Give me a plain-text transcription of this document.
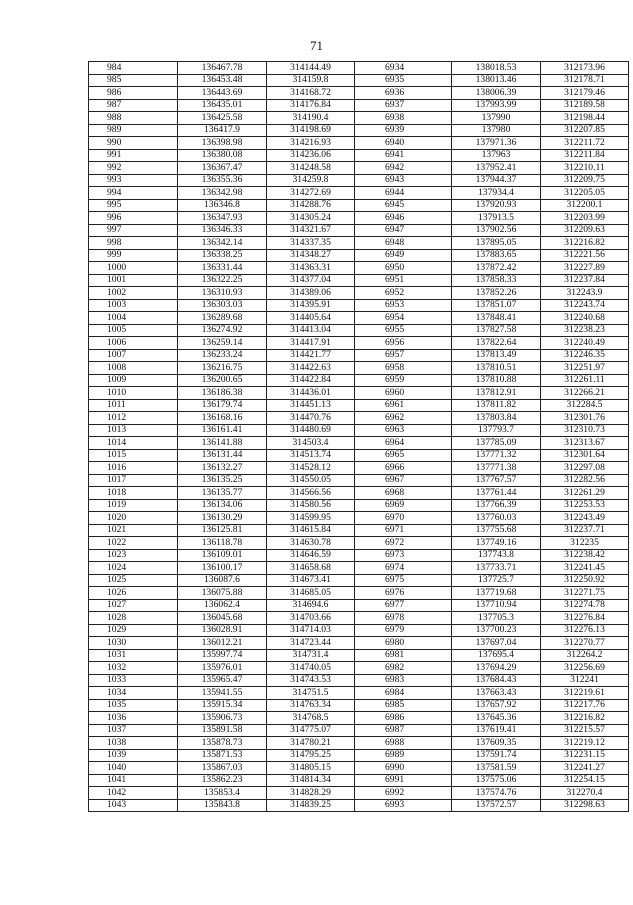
71
984	136467.78	314144.49	6934	138018.53	312173.96
985	136453.48	314159.8	6935	138013.46	312178.71
986	136443.69	314168.72	6936	138006.39	312179.46
987	136435.01	314176.84	6937	137993.99	312189.58
988	136425.58	314190.4	6938	137990	312198.44
989	136417.9	314198.69	6939	137980	312207.85
990	136398.98	314216.93	6940	137971.36	312211.72
991	136380.08	314236.06	6941	137963	312211.84
992	136367.47	314248.58	6942	137952.41	312210.11
993	136355.36	314259.8	6943	137944.37	312209.75
994	136342.98	314272.69	6944	137934.4	312205.05
995	136346.8	314288.76	6945	137920.93	312200.1
996	136347.93	314305.24	6946	137913.5	312203.99
997	136346.33	314321.67	6947	137902.56	312209.63
998	136342.14	314337.35	6948	137895.05	312216.82
999	136338.25	314348.27	6949	137883.65	312221.56
1000	136331.44	314363.31	6950	137872.42	312227.89
1001	136322.25	314377.04	6951	137858.33	312237.84
1002	136310.93	314389.06	6952	137852.26	312243.9
1003	136303.03	314395.91	6953	137851.07	312243.74
1004	136289.68	314405.64	6954	137848.41	312240.68
1005	136274.92	314413.04	6955	137827.58	312238.23
1006	136259.14	314417.91	6956	137822.64	312240.49
1007	136233.24	314421.77	6957	137813.49	312246.35
1008	136216.75	314422.63	6958	137810.51	312251.97
1009	136200.65	314422.84	6959	137810.88	312261.11
1010	136186.38	314436.01	6960	137812.91	312266.21
1011	136179.74	314451.13	6961	137811.82	312284.5
1012	136168.16	314470.76	6962	137803.84	312301.76
1013	136161.41	314480.69	6963	137793.7	312310.73
1014	136141.88	314503.4	6964	137785.09	312313.67
1015	136131.44	314513.74	6965	137771.32	312301.64
1016	136132.27	314528.12	6966	137771.38	312297.08
1017	136135.25	314550.05	6967	137767.57	312282.56
1018	136135.77	314566.56	6968	137761.44	312261.29
1019	136134.06	314580.56	6969	137766.39	312253.53
1020	136130.29	314599.95	6970	137760.03	312243.49
1021	136125.81	314615.84	6971	137755.68	312237.71
1022	136118.78	314630.78	6972	137749.16	312235
1023	136109.01	314646.59	6973	137743.8	312238.42
1024	136100.17	314658.68	6974	137733.71	312241.45
1025	136087.6	314673.41	6975	137725.7	312250.92
1026	136075.88	314685.05	6976	137719.68	312271.75
1027	136062.4	314694.6	6977	137710.94	312274.78
1028	136045.68	314703.66	6978	137705.3	312276.84
1029	136028.91	314714.03	6979	137700.23	312276.13
1030	136012.21	314723.44	6980	137697.04	312270.77
1031	135997.74	314731.4	6981	137695.4	312264.2
1032	135976.01	314740.05	6982	137694.29	312256.69
1033	135965.47	314743.53	6983	137684.43	312241
1034	135941.55	314751.5	6984	137663.43	312219.61
1035	135915.34	314763.34	6985	137657.92	312217.76
1036	135906.73	314768.5	6986	137645.36	312216.82
1037	135891.58	314775.07	6987	137619.41	312215.57
1038	135878.73	314780.21	6988	137609.35	312219.12
1039	135871.53	314795.25	6989	137591.74	312231.15
1040	135867.03	314805.15	6990	137581.59	312241.27
1041	135862.23	314814.34	6991	137575.06	312254.15
1042	135853.4	314828.29	6992	137574.76	312270.4
1043	135843.8	314839.25	6993	137572.57	312298.63
